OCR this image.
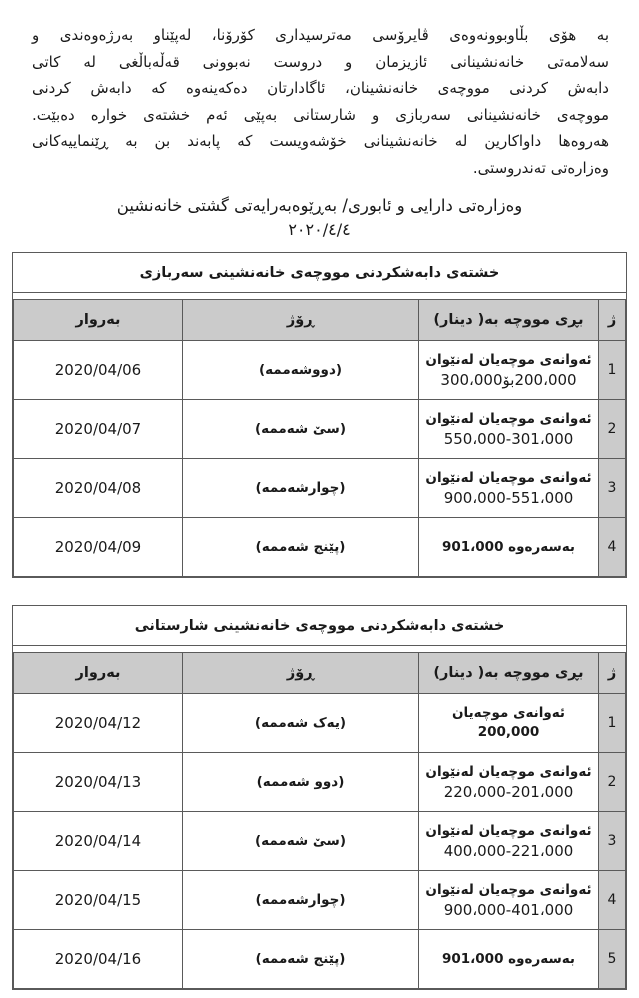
بە هۆی بڵاوبوونەوەی ڤایرۆسی مەترسیداری کۆرۆنا، لەپێناو بەرژەوەندی و
سەلامەتی خانەنشینانی ئازیزمان و دروست نەبوونی قەڵەباڵغی لە کاتی
دابەش کردنی مووچەی خانەنشینان، ئاگادارتان دەکەینەوە کە دابەش کردنی
مووچەی خانەنشینانی سەربازی و شارستانی بەپێی ئەم خشتەی خوارە دەبێت.
هەروەها داواکارین لە خانەنشینانی خۆشەویست کە پابەند بن بە ڕێنماییەکانی
وەزارەتی تەندروستی.
وەزارەتی دارایی و ئابوری/ بەڕێوەبەرایەتی گشتی خانەنشین
٢٠٢٠/٤/٤
خشتەی دابەشکردنی مووچەی خانەنشینی سەربازی
ژ	بڕی مووچە بە( دینار)	ڕۆژ	بەروار
1	ئەوانەی موچەیان لەنێوان
200،000بۆ300،000	(دووشەممە)	2020/04/06
2	ئەوانەی موچەیان لەنێوان
550،000-301،000	(سێ شەممە)	2020/04/07
3	ئەوانەی موچەیان لەنێوان
900،000-551،000	(چوارشەممە)	2020/04/08
4	بەسەرەوە 901،000	(پێنج شەممە)	2020/04/09
خشتەی دابەشکردنی مووچەی خانەنشینی شارستانی
ژ	بڕی مووچە بە( دینار)	ڕۆژ	بەروار
1	ئەوانەی موچەیان 200,000	(یەک شەممە)	2020/04/12
2	ئەوانەی موچەیان لەنێوان
220،000-201،000	(دوو شەممە)	2020/04/13
3	ئەوانەی موچەیان لەنێوان
400،000-221،000	(سێ شەممە)	2020/04/14
4	ئەوانەی موچەیان لەنێوان
900،000-401،000	(چوارشەممە)	2020/04/15
5	بەسەرەوە 901،000	(پێنج شەممە)	2020/04/16
